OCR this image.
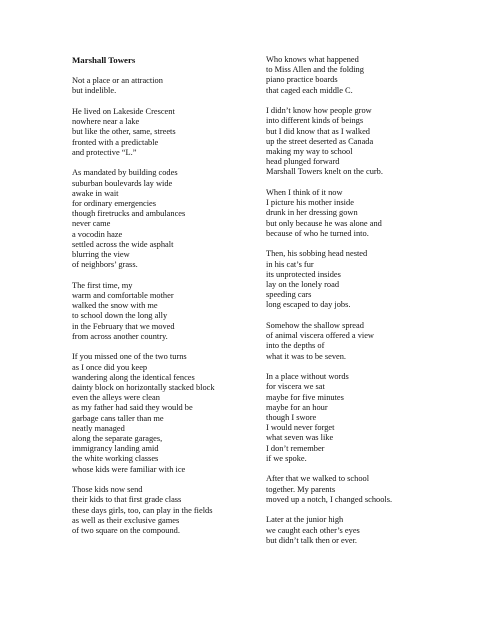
Marshall Towers
Not a place or an attraction
but indelible.
He lived on Lakeside Crescent
nowhere near a lake
but like the other, same, streets
fronted with a predictable
and protective “L.”
As mandated by building codes
suburban boulevards lay wide
awake in wait
for ordinary emergencies
though firetrucks and ambulances
never came
a vocodin haze
settled across the wide asphalt
blurring the view
of neighbors’ grass.
The first time, my
warm and comfortable mother
walked the snow with me
to school down the long ally
in the February that we moved
from across another country.
If you missed one of the two turns
as I once did you keep
wandering along the identical fences
dainty block on horizontally stacked block
even the alleys were clean
as my father had said they would be
garbage cans taller than me
neatly managed
along the separate garages,
immigrancy landing amid
the white working classes
whose kids were familiar with ice
Those kids now send
their kids to that first grade class
these days girls, too, can play in the fields
as well as their exclusive games
of two square on the compound.
Who knows what happened
to Miss Allen and the folding
piano practice boards
that caged each middle C.
I didn’t know how people grow
into different kinds of beings
but I did know that as I walked
up the street deserted as Canada
making my way to school
head plunged forward
Marshall Towers knelt on the curb.
When I think of it now
I picture his mother inside
drunk in her dressing gown
but only because he was alone and
because of who he turned into.
Then, his sobbing head nested
in his cat’s fur
its unprotected insides
lay on the lonely road
speeding cars
long escaped to day jobs.
Somehow the shallow spread
of animal viscera offered a view
into the depths of
what it was to be seven.
In a place without words
for viscera we sat
maybe for five minutes
maybe for an hour
though I swore
I would never forget
what seven was like
I don’t remember
if we spoke.
After that we walked to school
together. My parents
moved up a notch, I changed schools.
Later at the junior high
we caught each other’s eyes
but didn’t talk then or ever.
